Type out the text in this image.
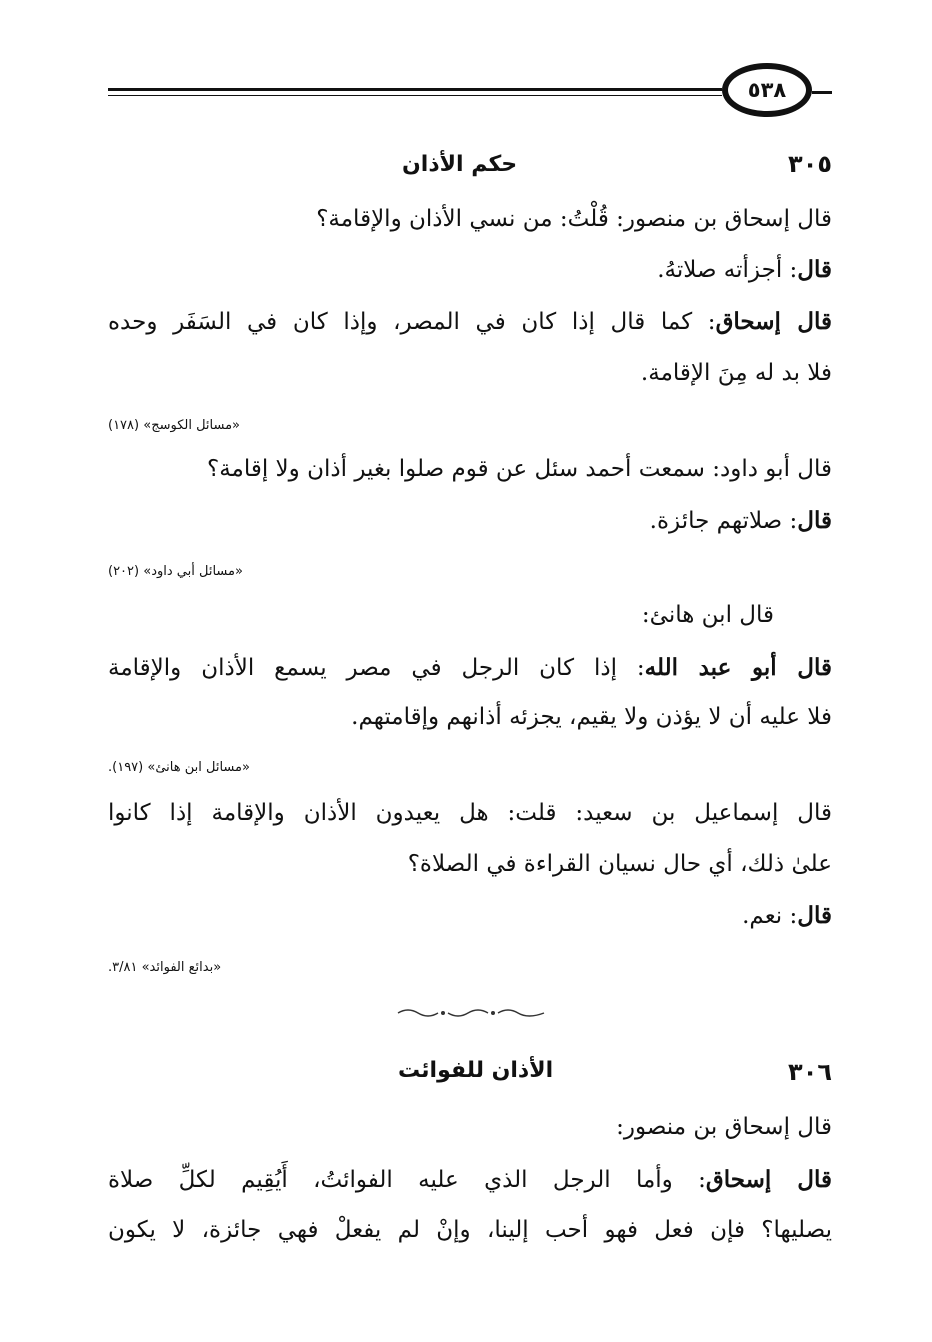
٥٣٨
٣٠٥
حكم الأذان
قال إسحاق بن منصور: قُلْتُ: من نسي الأذان والإقامة؟
قال: أجزأته صلاتهُ.
قال إسحاق: كما قال إذا كان في المصر، وإذا كان في السَفَر وحده
فلا بد له مِنَ الإقامة.
«مسائل الكوسج» (١٧٨)
قال أبو داود: سمعت أحمد سئل عن قوم صلوا بغير أذان ولا إقامة؟
قال: صلاتهم جائزة.
«مسائل أبي داود» (٢٠٢)
قال ابن هانئ:
قال أبو عبد الله: إذا كان الرجل في مصر يسمع الأذان والإقامة
فلا عليه أن لا يؤذن ولا يقيم، يجزئه أذانهم وإقامتهم.
«مسائل ابن هانئ» (١٩٧).
قال إسماعيل بن سعيد: قلت: هل يعيدون الأذان والإقامة إذا كانوا
علىٰ ذلك، أي حال نسيان القراءة في الصلاة؟
قال: نعم.
«بدائع الفوائد» ٣/٨١.
٣٠٦
الأذان للفوائت
قال إسحاق بن منصور:
قال إسحاق: وأما الرجل الذي عليه الفوائتُ، أَيُقِيم لكلِّ صلاة
يصليها؟ فإن فعل فهو أحب إلينا، وإنْ لم يفعلْ فهي جائزة، لا يكون
